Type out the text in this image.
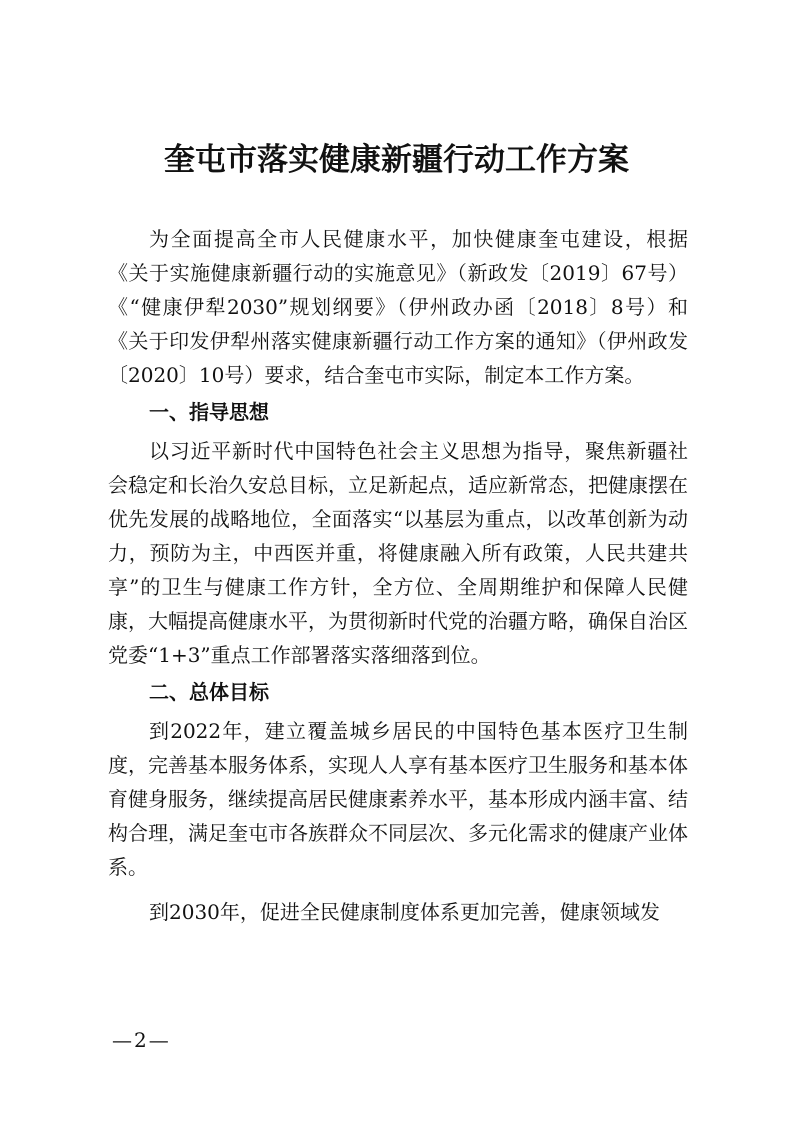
奎屯市落实健康新疆行动工作方案

为全面提高全市人民健康水平，加快健康奎屯建设，根据《关于实施健康新疆行动的实施意见》（新政发〔2019〕67号）《“健康伊犁2030”规划纲要》（伊州政办函〔2018〕8号）和《关于印发伊犁州落实健康新疆行动工作方案的通知》（伊州政发〔2020〕10号）要求，结合奎屯市实际，制定本工作方案。

一、指导思想

以习近平新时代中国特色社会主义思想为指导，聚焦新疆社会稳定和长治久安总目标，立足新起点，适应新常态，把健康摆在优先发展的战略地位，全面落实“以基层为重点，以改革创新为动力，预防为主，中西医并重，将健康融入所有政策，人民共建共享”的卫生与健康工作方针，全方位、全周期维护和保障人民健康，大幅提高健康水平，为贯彻新时代党的治疆方略，确保自治区党委“1+3”重点工作部署落实落细落到位。

二、总体目标

到2022年，建立覆盖城乡居民的中国特色基本医疗卫生制度，完善基本服务体系，实现人人享有基本医疗卫生服务和基本体育健身服务，继续提高居民健康素养水平，基本形成内涵丰富、结构合理，满足奎屯市各族群众不同层次、多元化需求的健康产业体系。

到2030年，促进全民健康制度体系更加完善，健康领域发

—2—
